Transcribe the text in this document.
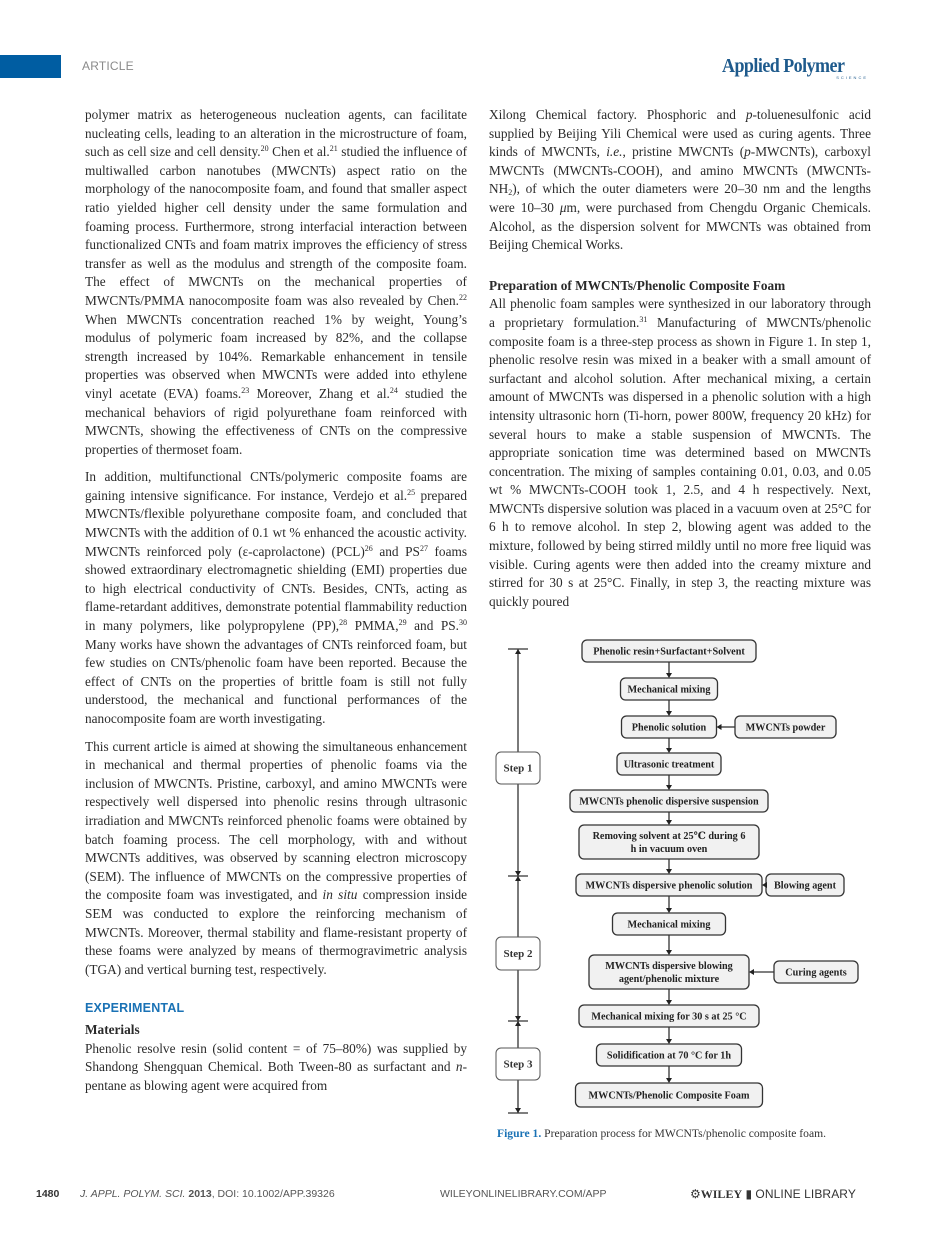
ARTICLE	Applied Polymer
SCIENCE

polymer matrix as heterogeneous nucleation agents, can facilitate nucleating cells, leading to an alteration in the microstructure of foam, such as cell size and cell density.$^{20}$ Chen et al.$^{21}$ studied the influence of multiwalled carbon nanotubes (MWCNTs) aspect ratio on the morphology of the nanocomposite foam, and found that smaller aspect ratio yielded higher cell density under the same formulation and foaming process. Furthermore, strong interfacial interaction between functionalized CNTs and foam matrix improves the efficiency of stress transfer as well as the modulus and strength of the composite foam. The effect of MWCNTs on the mechanical properties of MWCNTs/PMMA nanocomposite foam was also revealed by Chen.$^{22}$ When MWCNTs concentration reached 1% by weight, Young’s modulus of polymeric foam increased by 82%, and the collapse strength increased by 104%. Remarkable enhancement in tensile properties was observed when MWCNTs were added into ethylene vinyl acetate (EVA) foams.$^{23}$ Moreover, Zhang et al.$^{24}$ studied the mechanical behaviors of rigid polyurethane foam reinforced with MWCNTs, showing the effectiveness of CNTs on the compressive properties of thermoset foam.

In addition, multifunctional CNTs/polymeric composite foams are gaining intensive significance. For instance, Verdejo et al.$^{25}$ prepared MWCNTs/flexible polyurethane composite foam, and concluded that MWCNTs with the addition of 0.1 wt % enhanced the acoustic activity. MWCNTs reinforced poly (ε-caprolactone) (PCL)$^{26}$ and PS$^{27}$ foams showed extraordinary electromagnetic shielding (EMI) properties due to high electrical conductivity of CNTs. Besides, CNTs, acting as flame-retardant additives, demonstrate potential flammability reduction in many polymers, like polypropylene (PP),$^{28}$ PMMA,$^{29}$ and PS.$^{30}$ Many works have shown the advantages of CNTs reinforced foam, but few studies on CNTs/phenolic foam have been reported. Because the effect of CNTs on the properties of brittle foam is still not fully understood, the mechanical and functional performances of the nanocomposite foam are worth investigating.

This current article is aimed at showing the simultaneous enhancement in mechanical and thermal properties of phenolic foams via the inclusion of MWCNTs. Pristine, carboxyl, and amino MWCNTs were respectively well dispersed into phenolic resins through ultrasonic irradiation and MWCNTs reinforced phenolic foams were obtained by batch foaming process. The cell morphology, with and without MWCNTs additives, was observed by scanning electron microscopy (SEM). The influence of MWCNTs on the compressive properties of the composite foam was investigated, and in situ compression inside SEM was conducted to explore the reinforcing mechanism of MWCNTs. Moreover, thermal stability and flame-resistant property of these foams were analyzed by means of thermogravimetric analysis (TGA) and vertical burning test, respectively.

EXPERIMENTAL
Materials

Phenolic resolve resin (solid content = of 75–80%) was supplied by Shandong Shengquan Chemical. Both Tween-80 as surfactant and n-pentane as blowing agent were acquired from

Xilong Chemical factory. Phosphoric and p-toluenesulfonic acid supplied by Beijing Yili Chemical were used as curing agents. Three kinds of MWCNTs, i.e., pristine MWCNTs (p-MWCNTs), carboxyl MWCNTs (MWCNTs-COOH), and amino MWCNTs $(MWCNTs-NH_2)$, of which the outer diameters were 20–30 nm and the lengths were 10–30 μm, were purchased from Chengdu Organic Chemicals. Alcohol, as the dispersion solvent for MWCNTs was obtained from Beijing Chemical Works.

Preparation of MWCNTs/Phenolic Composite Foam

All phenolic foam samples were synthesized in our laboratory through a proprietary formulation.$^{31}$ Manufacturing of MWCNTs/phenolic composite foam is a three-step process as shown in Figure 1. In step 1, phenolic resolve resin was mixed in a beaker with a small amount of surfactant and alcohol solution. After mechanical mixing, a certain amount of MWCNTs was dispersed in a phenolic solution with a high intensity ultrasonic horn (Ti-horn, power 800W, frequency 20 kHz) for several hours to make a stable suspension of MWCNTs. The appropriate sonication time was determined based on MWCNTs concentration. The mixing of samples containing 0.01, 0.03, and 0.05 wt % MWCNTs-COOH took 1, 2.5, and 4 h respectively. Next, MWCNTs dispersive solution was placed in a vacuum oven at 25°C for 6 h to remove alcohol. In step 2, blowing agent was added to the mixture, followed by being stirred mildly until no more free liquid was visible. Curing agents were then added into the creamy mixture and stirred for 30 s at 25°C. Finally, in step 3, the reacting mixture was quickly poured

Phenolic resin+Surfactant+Solvent
Mechanical mixing
Phenolic solution
Ultrasonic treatment
MWCNTs phenolic dispersive suspension
Removing solvent at 25℃ during 6
h in vacuum oven
MWCNTs dispersive phenolic solution
Mechanical mixing
MWCNTs dispersive blowing
agent/phenolic mixture
Mechanical mixing for 30 s at 25 °C
Solidification at 70 °C for 1h
MWCNTs/Phenolic Composite Foam
MWCNTs powder
Blowing agent
Curing agents
Step 1
Step 2
Step 3
Figure 1. Preparation process for MWCNTs/phenolic composite foam.
1480 J. APPL. POLYM. SCI. 2013, DOI: 10.1002/APP.39326	WILEYONLINELIBRARY.COM/APP	⚙WILEY ▮ ONLINE LIBRARY
